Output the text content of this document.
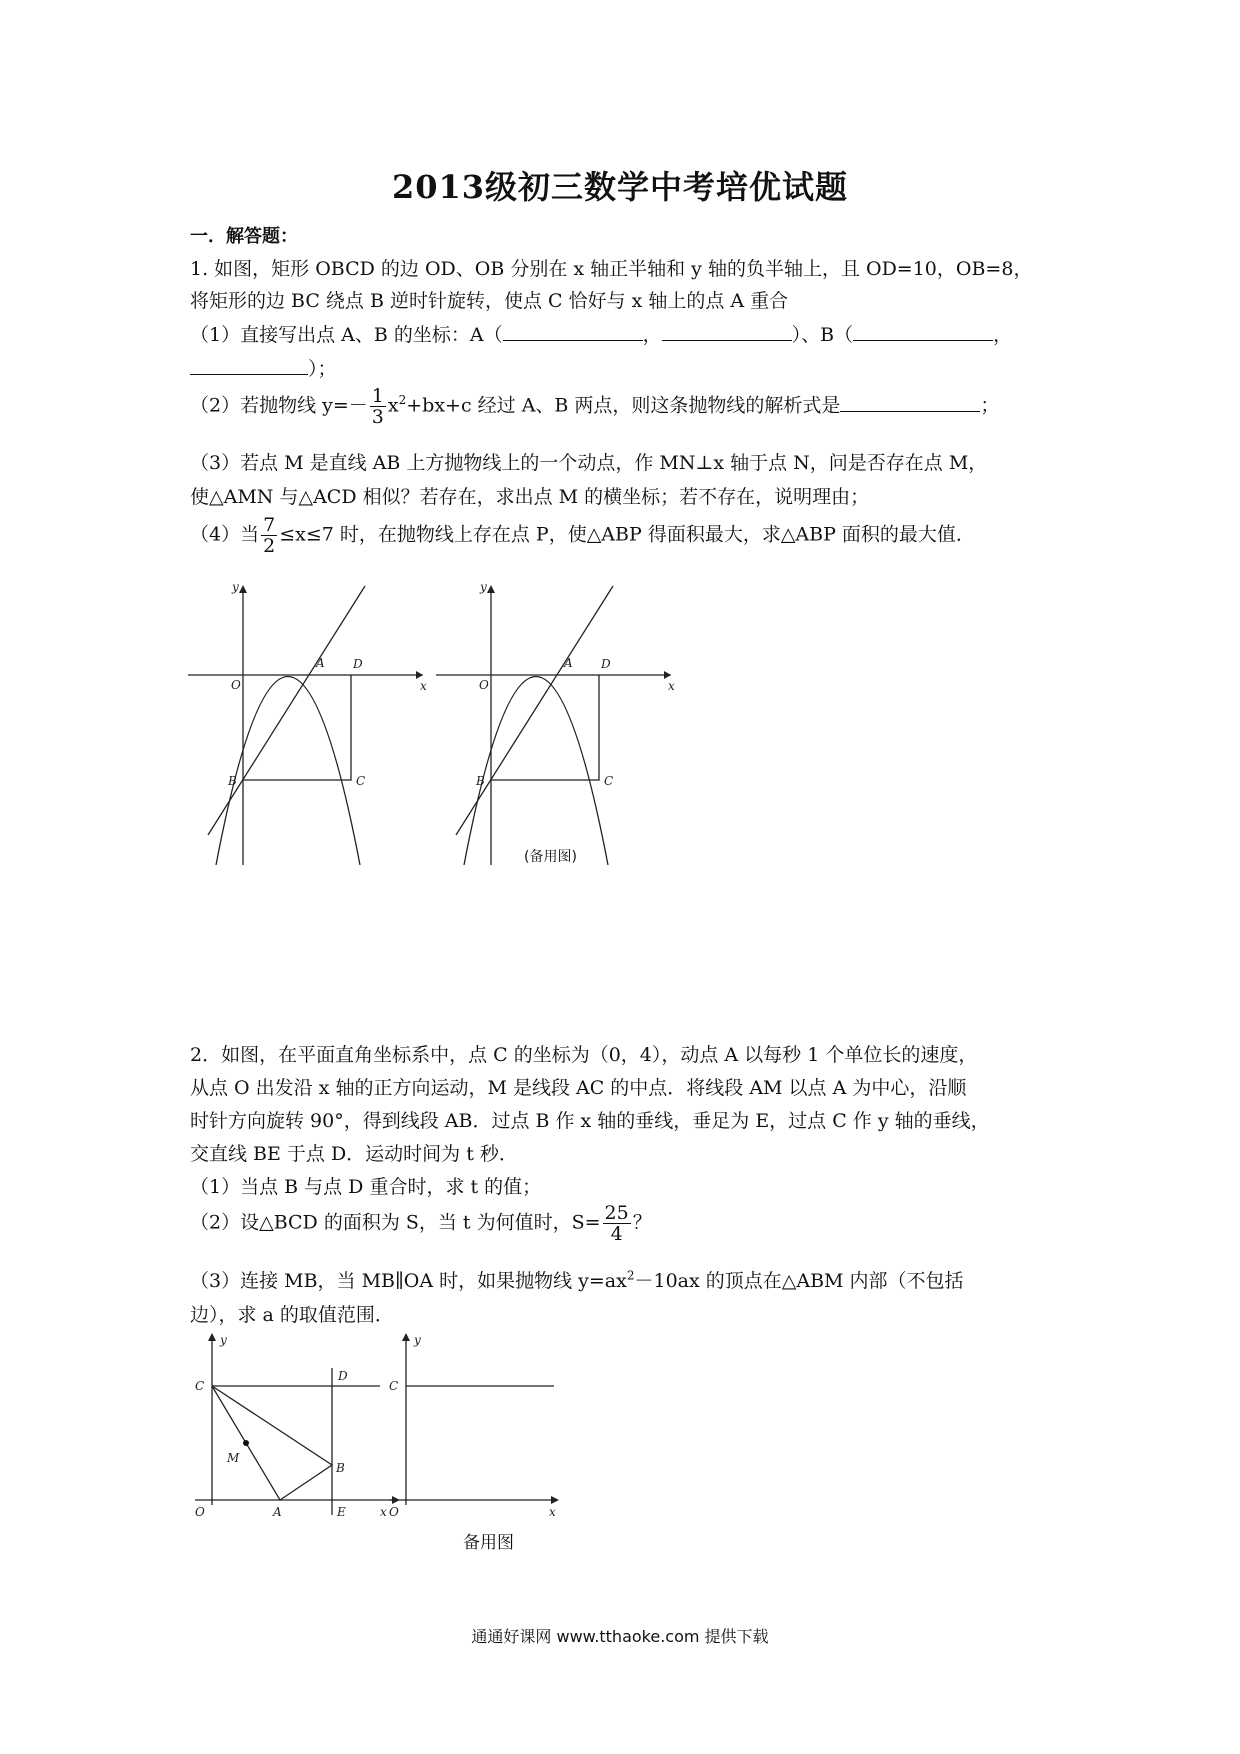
2013级初三数学中考培优试题
一．解答题：
1. 如图，矩形 OBCD 的边 OD、OB 分别在 x 轴正半轴和 y 轴的负半轴上，且 OD=10，OB=8，
将矩形的边 BC 绕点 B 逆时针旋转，使点 C 恰好与 x 轴上的点 A 重合
（1）直接写出点 A、B 的坐标：A（	，	）、B（	，
）；
（2）若抛物线 $y=- \frac{1}{3} x^2+bx+c$ 经过 A、B 两点，则这条抛物线的解析式是	；
（3）若点 M 是直线 AB 上方抛物线上的一个动点，作 MN⊥x 轴于点 N，问是否存在点 M，
使△AMN 与△ACD 相似？若存在，求出点 M 的横坐标；若不存在，说明理由；
（4）当 $\frac{7}{2} \le x\le 7$ 时，在抛物线上存在点 P，使△ABP 得面积最大，求△ABP 面积的最大值．
y
x
O
A
B	C
D
y
x
O
A
B	C
D
(备用图)
2．如图，在平面直角坐标系中，点 C 的坐标为（0，4），动点 A 以每秒 1 个单位长的速度，
从点 O 出发沿 x 轴的正方向运动，M 是线段 AC 的中点．将线段 AM 以点 A 为中心，沿顺
时针方向旋转 90°，得到线段 AB．过点 B 作 x 轴的垂线，垂足为 E，过点 C 作 y 轴的垂线，
交直线 BE 于点 D．运动时间为 t 秒．
（1）当点 B 与点 D 重合时，求 t 的值；
（2）设△BCD 的面积为 S，当 t 为何值时，$S= \frac{25}{4}$ ？
（3）连接 MB，当 MB∥OA 时，如果抛物线 $y=ax^2-10ax$ 的顶点在△ABM 内部（不包括
边），求 a 的取值范围．
y
x
O
C
D
B
M
A	E
y
x
O
C
备用图
通通好课网 www.tthaoke.com 提供下载
